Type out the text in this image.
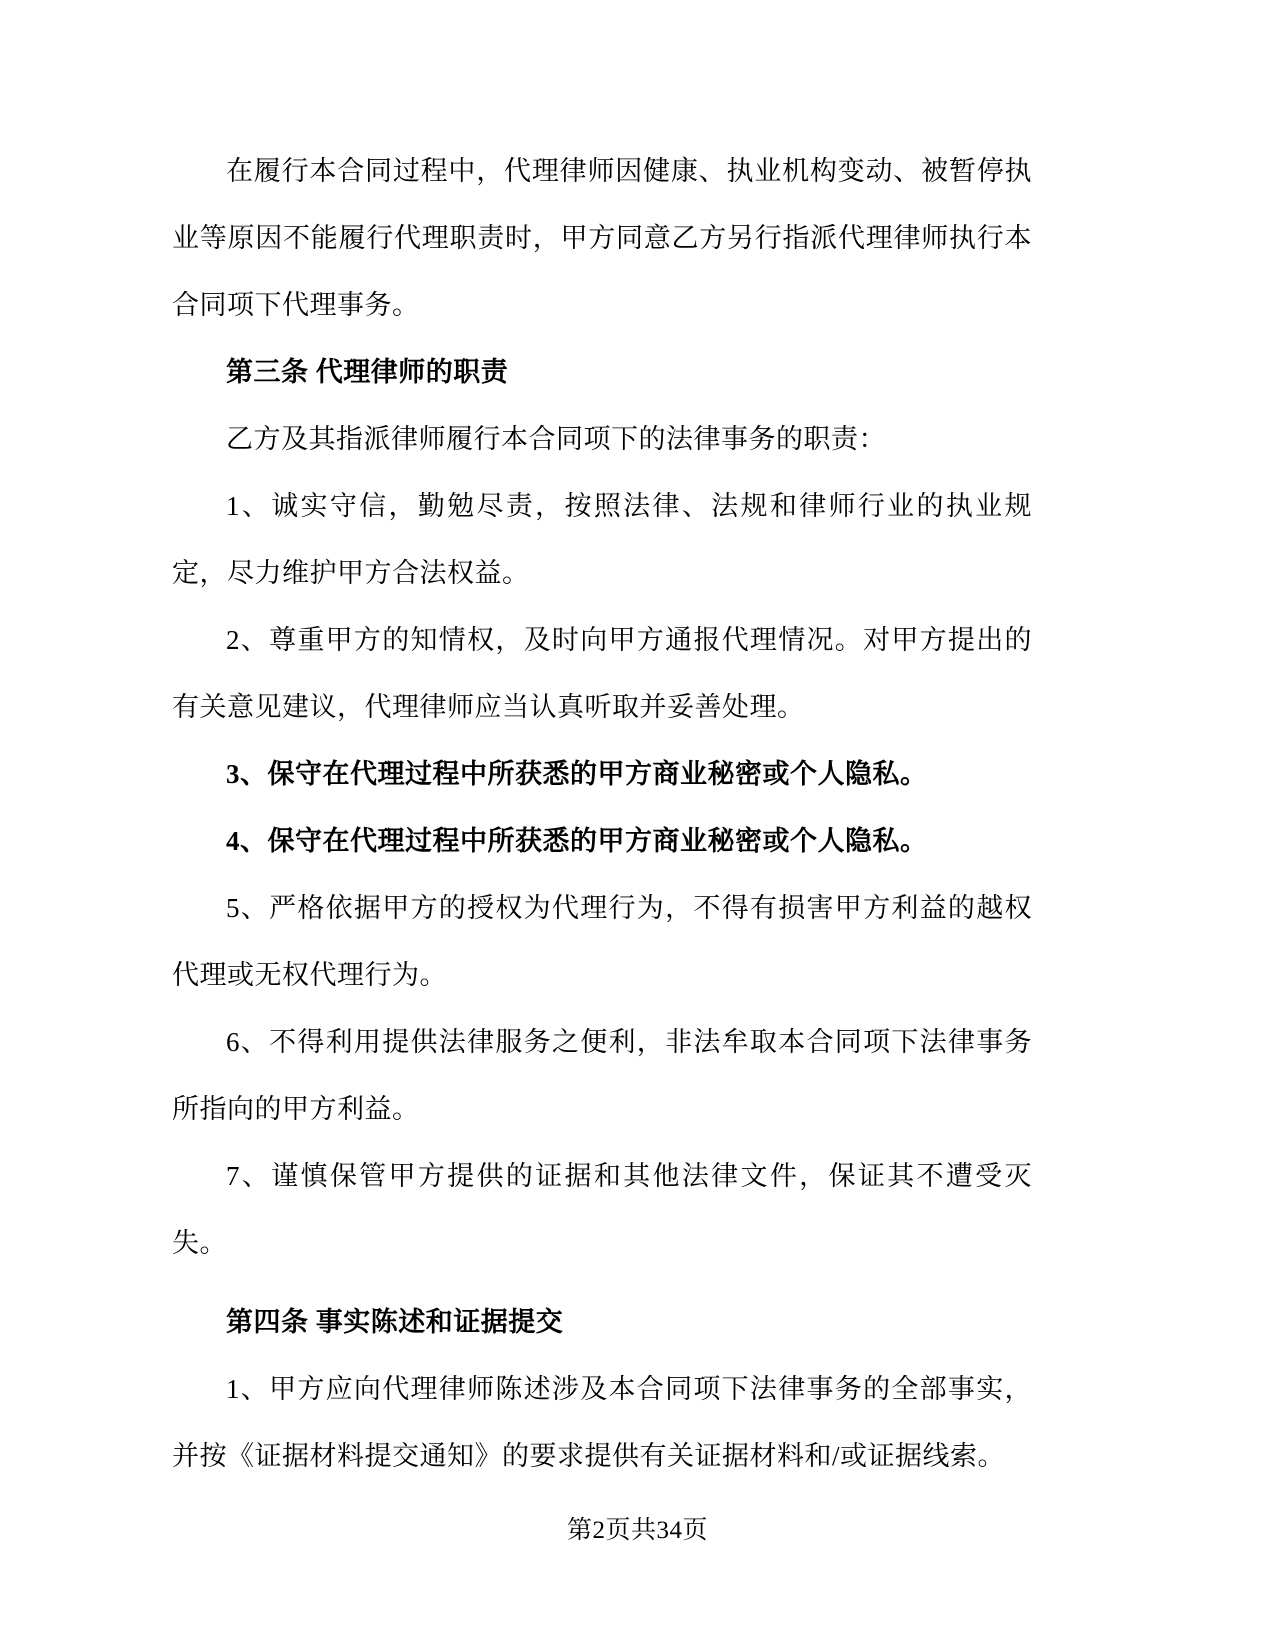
在履行本合同过程中，代理律师因健康、执业机构变动、被暂停执业等原因不能履行代理职责时，甲方同意乙方另行指派代理律师执行本合同项下代理事务。

第三条 代理律师的职责

乙方及其指派律师履行本合同项下的法律事务的职责：

1、诚实守信，勤勉尽责，按照法律、法规和律师行业的执业规定，尽力维护甲方合法权益。

2、尊重甲方的知情权，及时向甲方通报代理情况。对甲方提出的有关意见建议，代理律师应当认真听取并妥善处理。

3、保守在代理过程中所获悉的甲方商业秘密或个人隐私。

4、保守在代理过程中所获悉的甲方商业秘密或个人隐私。

5、严格依据甲方的授权为代理行为，不得有损害甲方利益的越权代理或无权代理行为。

6、不得利用提供法律服务之便利，非法牟取本合同项下法律事务所指向的甲方利益。

7、谨慎保管甲方提供的证据和其他法律文件，保证其不遭受灭失。

第四条 事实陈述和证据提交

1、甲方应向代理律师陈述涉及本合同项下法律事务的全部事实，并按《证据材料提交通知》的要求提供有关证据材料和/或证据线索。

第2页共34页
